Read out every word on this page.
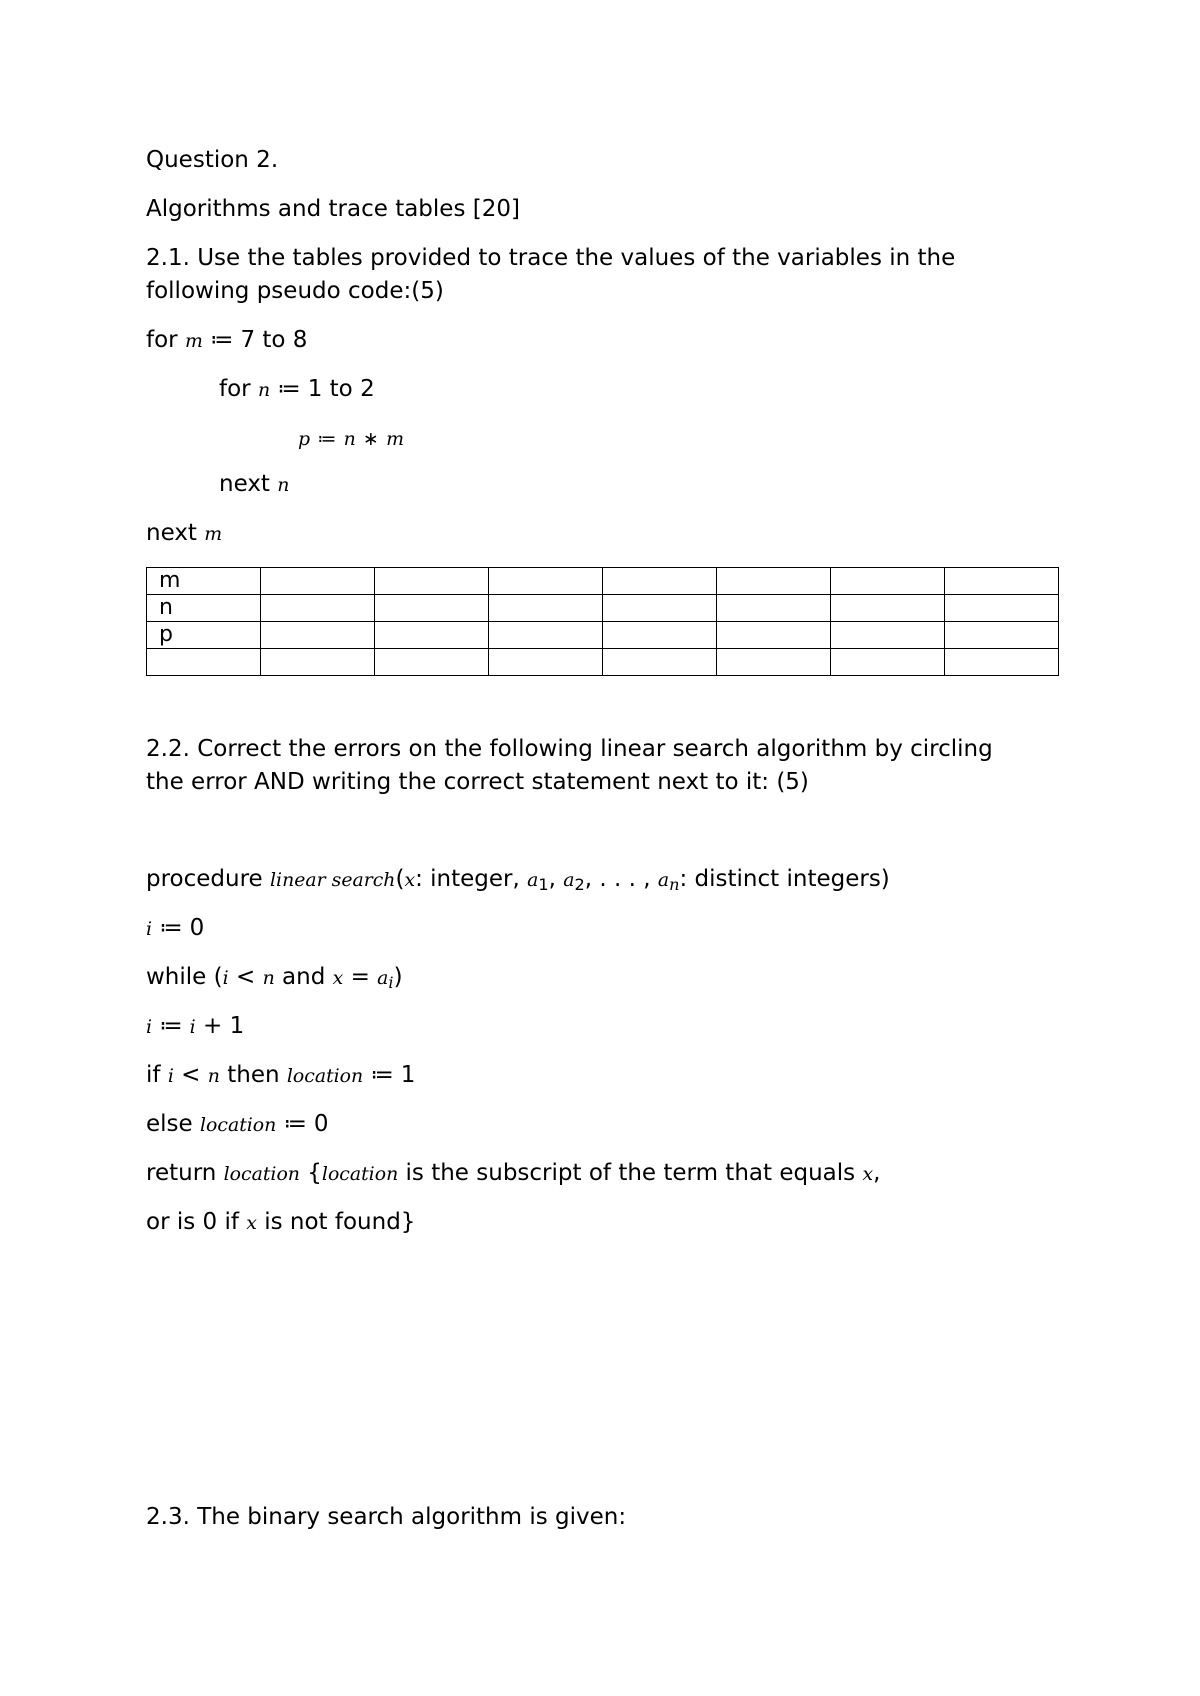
Question 2.
Algorithms and trace tables [20]
2.1. Use the tables provided to trace the values of the variables in the
following pseudo code:(5)
for m ≔ 7 to 8
for n ≔ 1 to 2
p ≔ n ∗ m
next n
next m
m							
n							
p							

2.2. Correct the errors on the following linear search algorithm by circling
the error AND writing the correct statement next to it: (5)
procedure linear search(x: integer, $a_1$, $a_2$, . . . , $a_n$: distinct integers)
i ≔ 0
while (i < n and $x = a_i$)
i ≔ i + 1
if i < n then location ≔ 1
else location ≔ 0
return location {location is the subscript of the term that equals x,
or is 0 if x is not found}
2.3. The binary search algorithm is given:
